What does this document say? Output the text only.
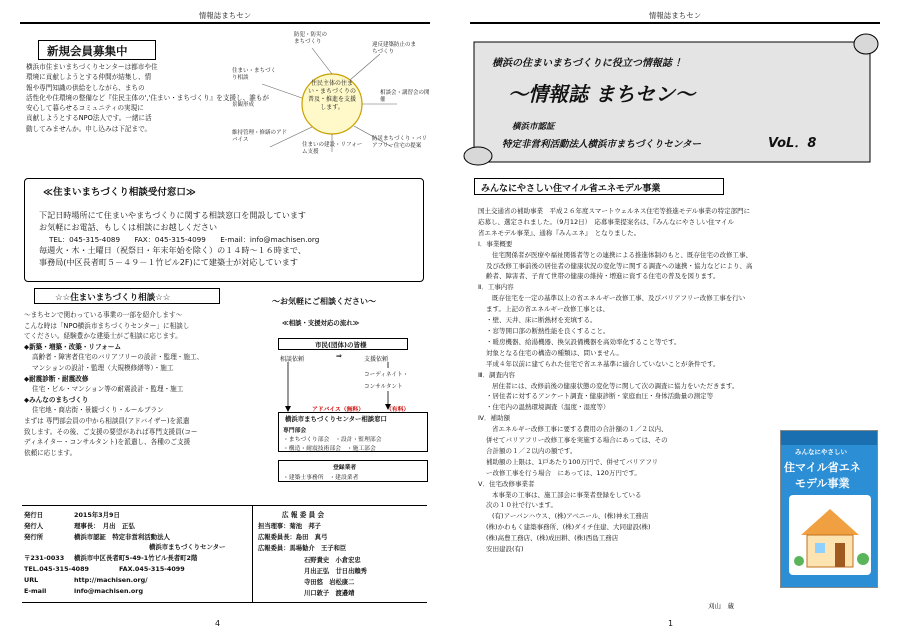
情報誌まちセン
新規会員募集中
横浜市住まいまちづくりセンターは都市や住
環境に貢献しようとする仲間が結集し、情
報や専門知識の供給をしながら、まちの
活性化や住環境の整備など『住民主体の','住まい・まちづくり』を支援し、誰もが
安心して暮らせるコミュニティの実現に
貢献しようとするNPO法人です。一緒に活
動してみませんか。申し込みは下記まで。
住民主体の住まい・まちづくりの普及・推進を支援します。
防犯・防災のまちづくり	違反建築防止のまちづくり
住まい・まちづくり相談
相談会・講習会の開催
維持管理・修繕のアドバイス
住まいの建設・リフォーム支援
防災まちづくり・バリアフリー住宅の提案
景観形成
≪住まいまちづくり相談受付窓口≫
下記日時場所にて住まいやまちづくりに関する相談窓口を開設しています
お気軽にお電話、もしくは相談にお越しください
TEL：045-315-4089　　FAX：045-315-4099　　E-mail：info@machisen.org
毎週火・木・土曜日（祝祭日・年末年始を除く）の１４時～１６時まで、
事務局(中区長者町５－４９－１竹ビル2F)にて建築士が対応しています
☆☆住まいまちづくり相談☆☆
～まちセンで関わっている事業の一部を紹介します～
こんな時は「NPO横浜市まちづくりセンター」に相談し
てください。経験豊かな建築士がご相談に応じます。
◆新築・増築・改築・リフォーム
高齢者・障害者住宅のバリアフリーの設計・監理・施工、
マンションの設計・監理（大規模修繕等）・施工
◆耐震診断・耐震改修
住宅・ビル・マンション等の耐震設計・監理・施工
◆みんなのまちづくり
住宅地・商店街・景観づくり・ルールブラン
まずは 専門部会員の中から相談員(アドバイザー)を派遣
致します。その後、ご支援の要望があれば専門支援員(コー
ディネイター・コンサルタント)を派遣し、各種のご支援
依頼に応じます。
～お気軽にご相談ください～
≪相談・支援対応の流れ≫
市民(団体)の皆様
相談依頼	⇒	支援依頼
コーディネイト・
コンサルタント
アドバイス（無料）	（有料）
横浜市まちづくりセンター相談窓口
専門部会
・まちづくり部会　・設計・監理部会
・構造・耐震技術部会　・施工部会
登録業者
・建築士事務所　・建設業者
発行日	2015年3月9日
発行人	理事長：　月出　正弘
発行所	横浜市認証　特定非営利活動法人
横浜市まちづくりセンター
〒231-0033 横浜市中区長者町5-49-1竹ビル長者町2階
TEL.045-315-4089	FAX.045-315-4099
URL	http://machisen.org/
E-mail	info@machisen.org
広 報 委 員 会
担当理事：菊池　邦子
広報委員長：島田　真弓
広報委員：馬場勧介　王子和臣
石野貴史　小倉宏忠
月出正弘　廿日出賴秀
寺田悠　岩松康二
川口敦子　渡邉靖
4
情報誌まちセン
横浜の住まいまちづくりに役立つ情報誌 ！
～情報誌 まちセン～
横浜市認証
特定非営利活動法人横浜市まちづくりセンター	VoL．8
みんなにやさしい住マイル省エネモデル事業
国土交通省の補助事業　平成２６年度スマートウェルネス住宅等推進モデル事業の特定部門に
応募し、選定されました。（9月12日）　応募事業提案名は、『みんなにやさしい住マイル
省エネモデル事業』、通称『みんエネ』　となりました。
Ⅰ．事業概要
住宅関係者が医療や福祉関係者等との連携による推進体制のもと、既存住宅の改修工事、
及び改修工事前後の居住者の健康状況の変化等に関する調査への連携・協力などにより、高
齢者、障害者、子育て世帯の健康の維持・増進に資する住宅の普及を図ります。
Ⅱ．工事内容
既存住宅を一定の基準以上の省エネルギー改修工事、及びバリアフリー改修工事を行い
ます。上記の省エネルギー改修工事とは、
・壁、天井、床に断熱材を充填する。
・窓等開口部の断熱性能を良くすること。
・暖房機器、給湯機器、換気設備機器を高効率化すること等です。
対象となる住宅の構造の種類は、問いません。
平成４年以前に建てられた住宅で省エネ基準に適合していないことが条件です。
Ⅲ．調査内容
居住者には、改修前後の健康状態の変化等に関して次の調査に協力をいただきます。
・居住者に対するアンケート調査・健康診断・家庭血圧・身体活動量の測定等
・住宅内の温熱環境調査（温度・湿度等）
Ⅳ．補助額
省エネルギー改修工事に要する費用の合計額の１／２以内、
併せてバリアフリー改修工事を実施する場合にあっては、その
合計額の１／２以内の額です。
補助額の上限は、1戸あたり100万円で、併せてバリアフリ
ー改修工事を行う場合　にあっては、120万円です。
Ⅴ．住宅改修事業者
本事業の工事は、施工部会に事業者登録をしている
次の１０社で行います。
(有)アーバンハウス、(株)アベニール、(株)神永工務店
(株)かわもく建築事務所、(株)ダイチ住建、大同建設(株)
(株)高豊工務店、(株)成田耕、(株)西島工務店
安田建設(有)
刈山　蔵
みんなにやさしい
住マイル省エネ
モデル事業
1
